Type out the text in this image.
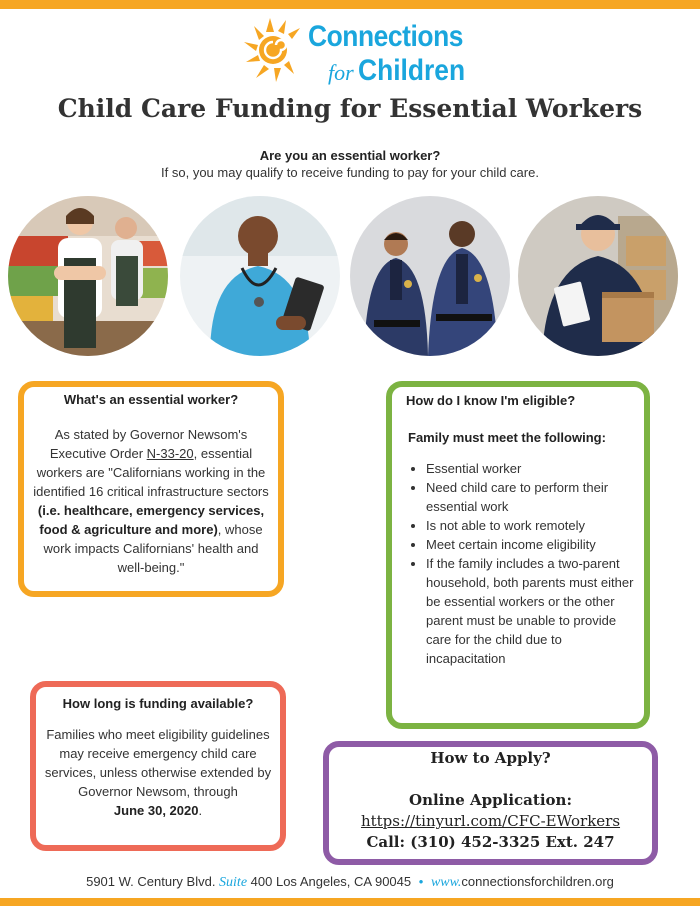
Connections
for Children
Child Care Funding for Essential Workers
Are you an essential worker?
If so, you may qualify to receive funding to pay for your child care.
What's an essential worker?
As stated by Governor Newsom's Executive Order N-33-20, essential workers are "Californians working in the identified 16 critical infrastructure sectors (i.e. healthcare, emergency services, food & agriculture and more), whose work impacts Californians' health and well-being."
How do I know I'm eligible?
Family must meet the following:
• Essential worker
• Need child care to perform their essential work
• Is not able to work remotely
• Meet certain income eligibility
• If the family includes a two-parent household, both parents must either be essential workers or the other parent must be unable to provide care for the child due to incapacitation
How long is funding available?
Families who meet eligibility guidelines may receive emergency child care services, unless otherwise extended by Governor Newsom, through
June 30, 2020.
How to Apply?
Online Application:
https://tinyurl.com/CFC-EWorkers
Call: (310) 452-3325 Ext. 247
5901 W. Century Blvd. Suite 400 Los Angeles, CA 90045 • www.connectionsforchildren.org
